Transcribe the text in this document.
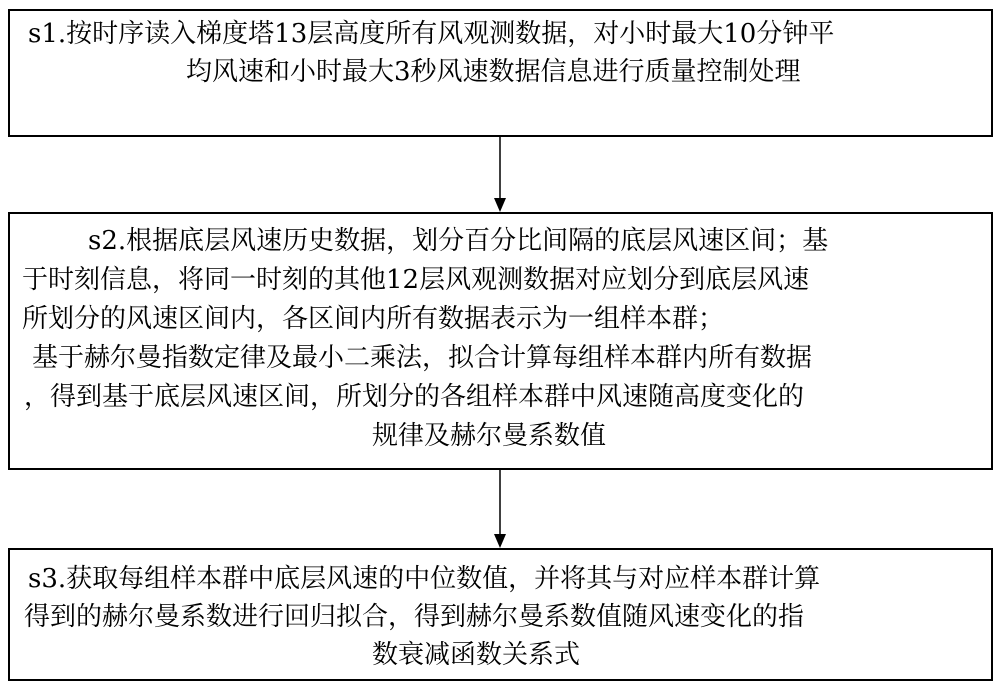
s1.按时序读入梯度塔13层高度所有风观测数据，对小时最大10分钟平
均风速和小时最大3秒风速数据信息进行质量控制处理
s2.根据底层风速历史数据，划分百分比间隔的底层风速区间；基
于时刻信息，将同一时刻的其他12层风观测数据对应划分到底层风速
所划分的风速区间内，各区间内所有数据表示为一组样本群；
基于赫尔曼指数定律及最小二乘法，拟合计算每组样本群内所有数据
，得到基于底层风速区间，所划分的各组样本群中风速随高度变化的
规律及赫尔曼系数值
s3.获取每组样本群中底层风速的中位数值，并将其与对应样本群计算
得到的赫尔曼系数进行回归拟合，得到赫尔曼系数值随风速变化的指
数衰减函数关系式
